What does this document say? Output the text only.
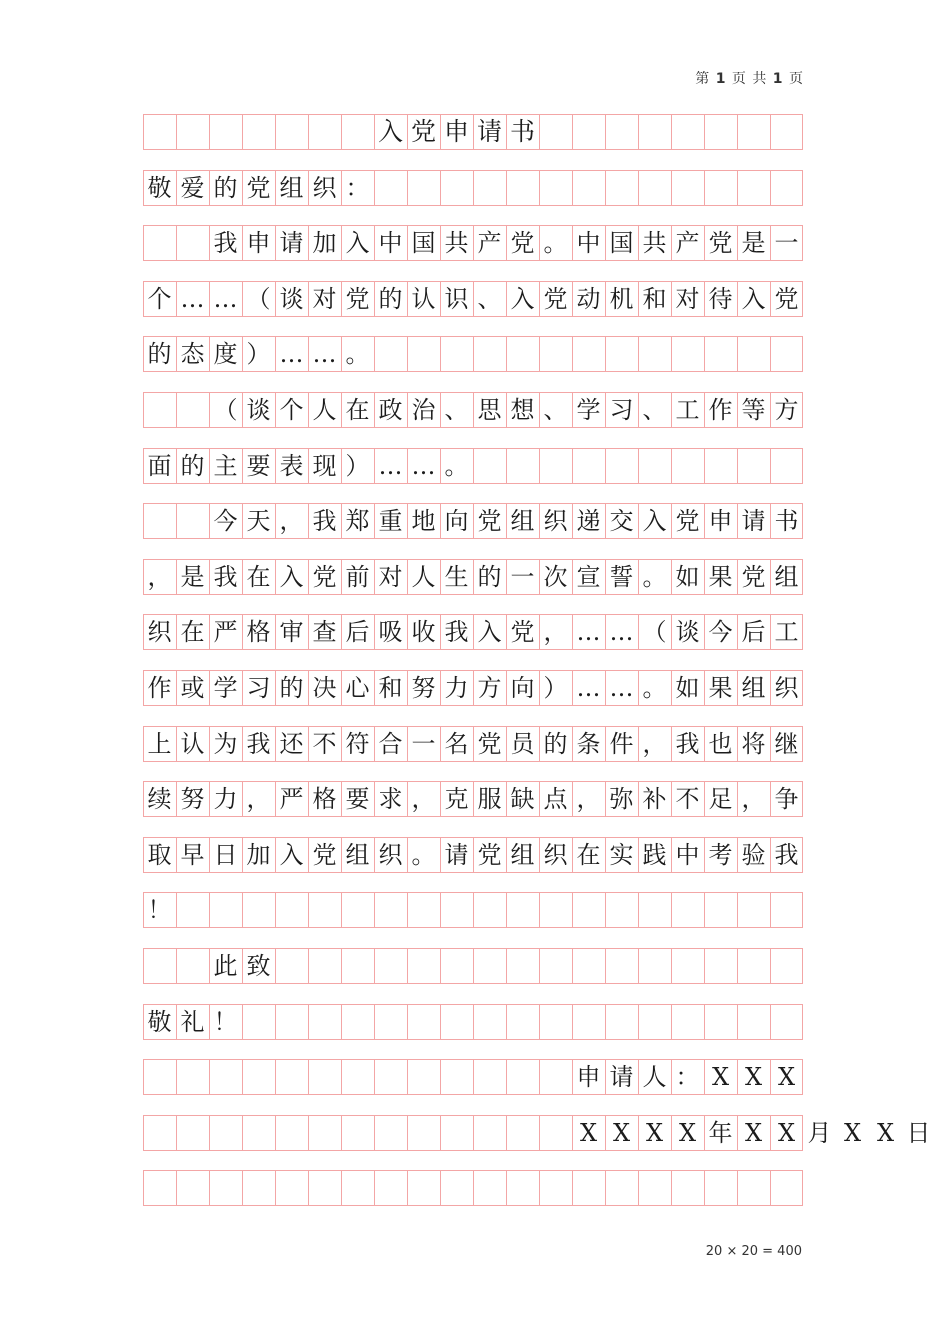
第 1 页 共 1 页
入 党 申 请 书
敬 爱 的 党 组 织 ：
我 申 请 加 入 中 国 共 产 党 。 中 国 共 产 党 是 一
个 … … （ 谈 对 党 的 认 识 、 入 党 动 机 和 对 待 入 党
的 态 度 ） … … 。
（ 谈 个 人 在 政 治 、 思 想 、 学 习 、 工 作 等 方
面 的 主 要 表 现 ） … … 。
今 天 ， 我 郑 重 地 向 党 组 织 递 交 入 党 申 请 书
， 是 我 在 入 党 前 对 人 生 的 一 次 宣 誓 。 如 果 党 组
织 在 严 格 审 查 后 吸 收 我 入 党 ， … … （ 谈 今 后 工
作 或 学 习 的 决 心 和 努 力 方 向 ） … … 。 如 果 组 织
上 认 为 我 还 不 符 合 一 名 党 员 的 条 件 ， 我 也 将 继
续 努 力 ， 严 格 要 求 ， 克 服 缺 点 ， 弥 补 不 足 ， 争
取 早 日 加 入 党 组 织 。 请 党 组 织 在 实 践 中 考 验 我
！
此 致
敬 礼 ！
申 请 人 ： X X X
X X X X 年 X X 月 X X 日
20 × 20 = 400
